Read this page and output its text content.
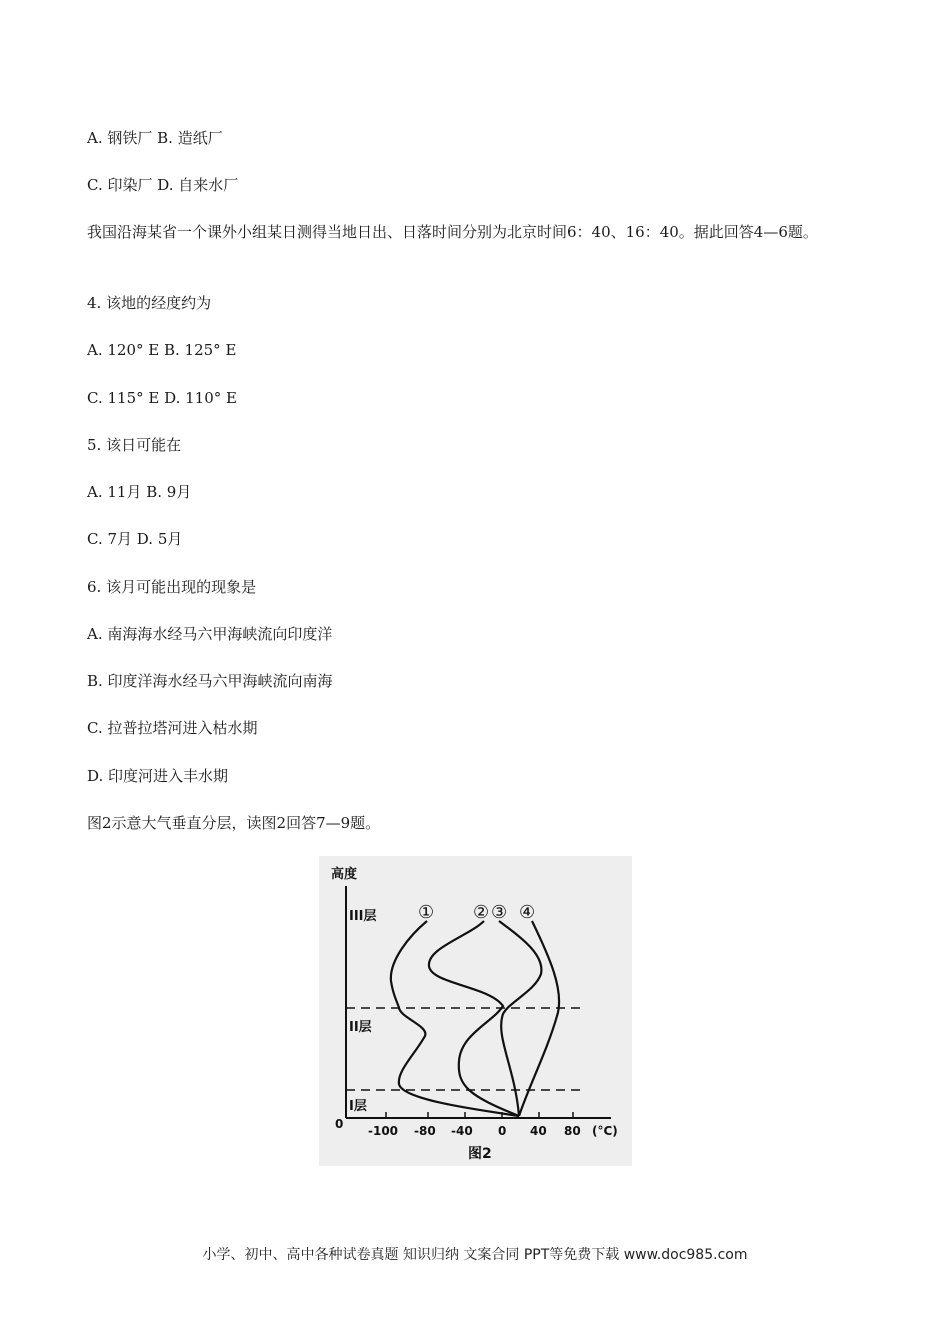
A. 钢铁厂 B. 造纸厂
C. 印染厂 D. 自来水厂
我国沿海某省一个课外小组某日测得当地日出、日落时间分别为北京时间6：40、16：40。据此回答4—6题。
4. 该地的经度约为
A. 120° E B. 125° E
C. 115° E D. 110° E
5. 该日可能在
A. 11月 B. 9月
C. 7月 D. 5月
6. 该月可能出现的现象是
A. 南海海水经马六甲海峡流向印度洋
B. 印度洋海水经马六甲海峡流向南海
C. 拉普拉塔河进入枯水期
D. 印度河进入丰水期
图2示意大气垂直分层，读图2回答7—9题。
高度
0
III层
II层
I层
① ② ③ ④
-100 -80 -40 0 40 80 (°C)
图2
小学、初中、高中各种试卷真题 知识归纳 文案合同 PPT等免费下载 www.doc985.com
